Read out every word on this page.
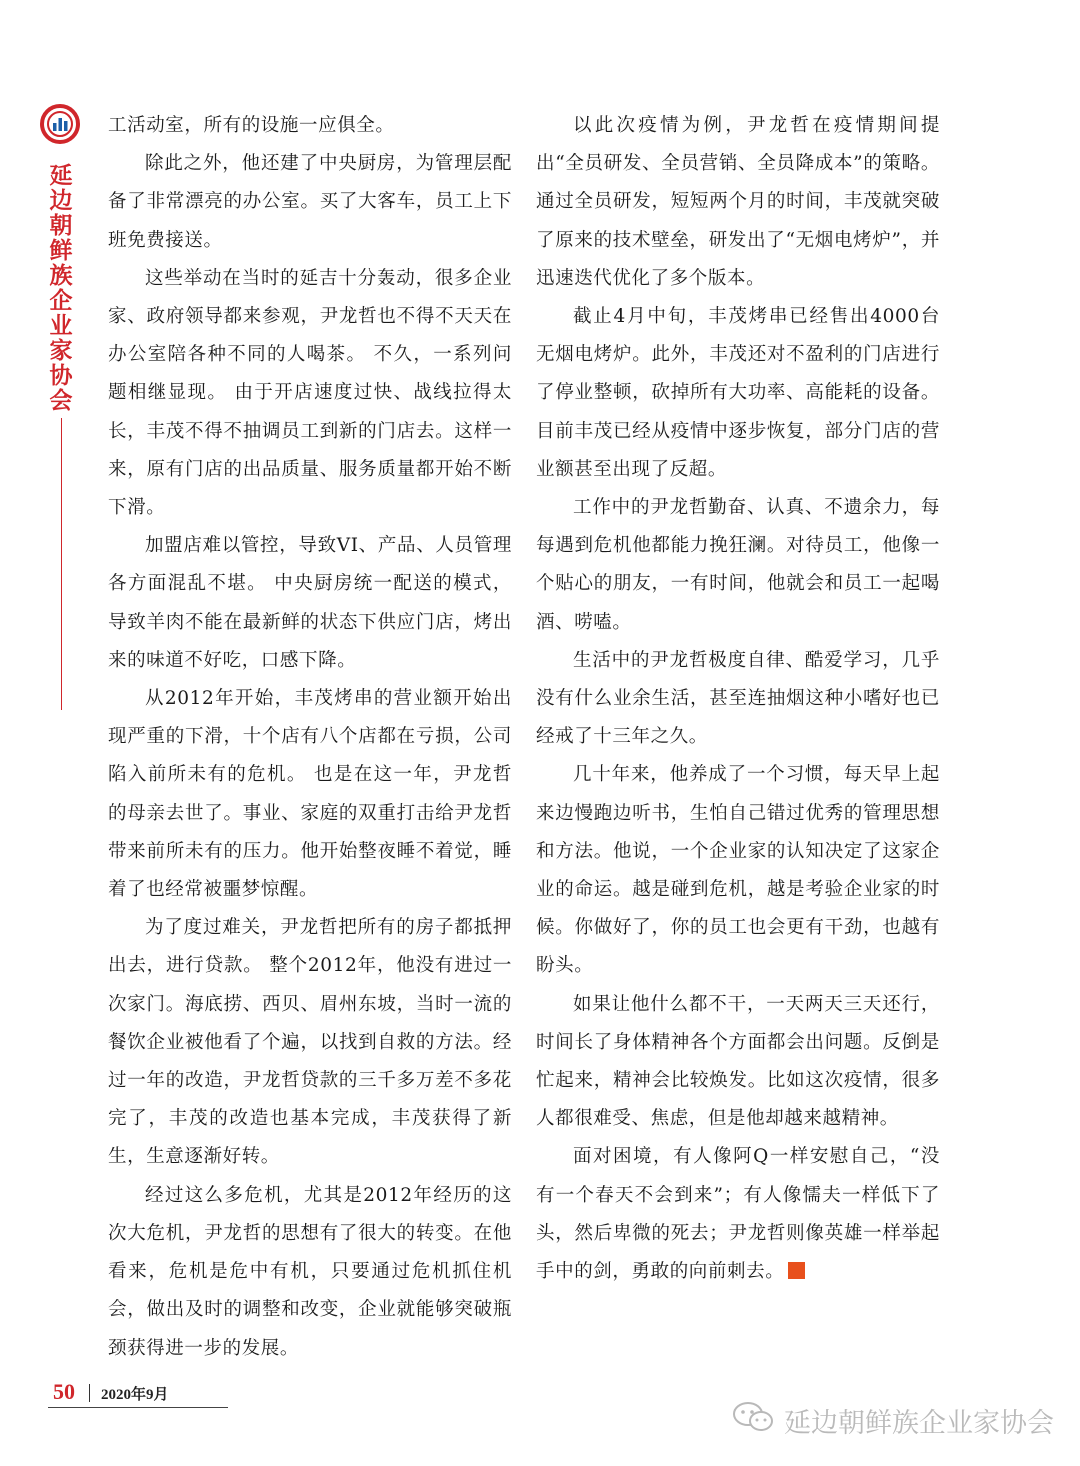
延边朝鲜族企业家协会

工活动室，所有的设施一应俱全。

除此之外，他还建了中央厨房，为管理层配备了非常漂亮的办公室。买了大客车，员工上下班免费接送。

这些举动在当时的延吉十分轰动，很多企业家、政府领导都来参观，尹龙哲也不得不天天在办公室陪各种不同的人喝茶。 不久，一系列问题相继显现。 由于开店速度过快、战线拉得太长，丰茂不得不抽调员工到新的门店去。这样一来，原有门店的出品质量、服务质量都开始不断下滑。

加盟店难以管控，导致VI、产品、人员管理各方面混乱不堪。 中央厨房统一配送的模式，导致羊肉不能在最新鲜的状态下供应门店，烤出来的味道不好吃，口感下降。

从2012年开始，丰茂烤串的营业额开始出现严重的下滑，十个店有八个店都在亏损，公司陷入前所未有的危机。 也是在这一年，尹龙哲的母亲去世了。事业、家庭的双重打击给尹龙哲带来前所未有的压力。他开始整夜睡不着觉，睡着了也经常被噩梦惊醒。

为了度过难关，尹龙哲把所有的房子都抵押出去，进行贷款。 整个2012年，他没有进过一次家门。海底捞、西贝、眉州东坡，当时一流的餐饮企业被他看了个遍，以找到自救的方法。经过一年的改造，尹龙哲贷款的三千多万差不多花完了，丰茂的改造也基本完成，丰茂获得了新生，生意逐渐好转。

经过这么多危机，尤其是2012年经历的这次大危机，尹龙哲的思想有了很大的转变。在他看来，危机是危中有机，只要通过危机抓住机会，做出及时的调整和改变，企业就能够突破瓶颈获得进一步的发展。

以此次疫情为例，尹龙哲在疫情期间提出“全员研发、全员营销、全员降成本”的策略。通过全员研发，短短两个月的时间，丰茂就突破了原来的技术壁垒，研发出了“无烟电烤炉”，并迅速迭代优化了多个版本。

截止4月中旬，丰茂烤串已经售出4000台无烟电烤炉。此外，丰茂还对不盈利的门店进行了停业整顿，砍掉所有大功率、高能耗的设备。目前丰茂已经从疫情中逐步恢复，部分门店的营业额甚至出现了反超。

工作中的尹龙哲勤奋、认真、不遗余力，每每遇到危机他都能力挽狂澜。对待员工，他像一个贴心的朋友，一有时间，他就会和员工一起喝酒、唠嗑。

生活中的尹龙哲极度自律、酷爱学习，几乎没有什么业余生活，甚至连抽烟这种小嗜好也已经戒了十三年之久。

几十年来，他养成了一个习惯，每天早上起来边慢跑边听书，生怕自己错过优秀的管理思想和方法。他说，一个企业家的认知决定了这家企业的命运。越是碰到危机，越是考验企业家的时候。你做好了，你的员工也会更有干劲，也越有盼头。

如果让他什么都不干，一天两天三天还行，时间长了身体精神各个方面都会出问题。反倒是忙起来，精神会比较焕发。比如这次疫情，很多人都很难受、焦虑，但是他却越来越精神。

面对困境，有人像阿Q一样安慰自己，“没有一个春天不会到来”；有人像懦夫一样低下了头，然后卑微的死去；尹龙哲则像英雄一样举起手中的剑，勇敢的向前刺去。

50 2020年9月
延边朝鲜族企业家协会
